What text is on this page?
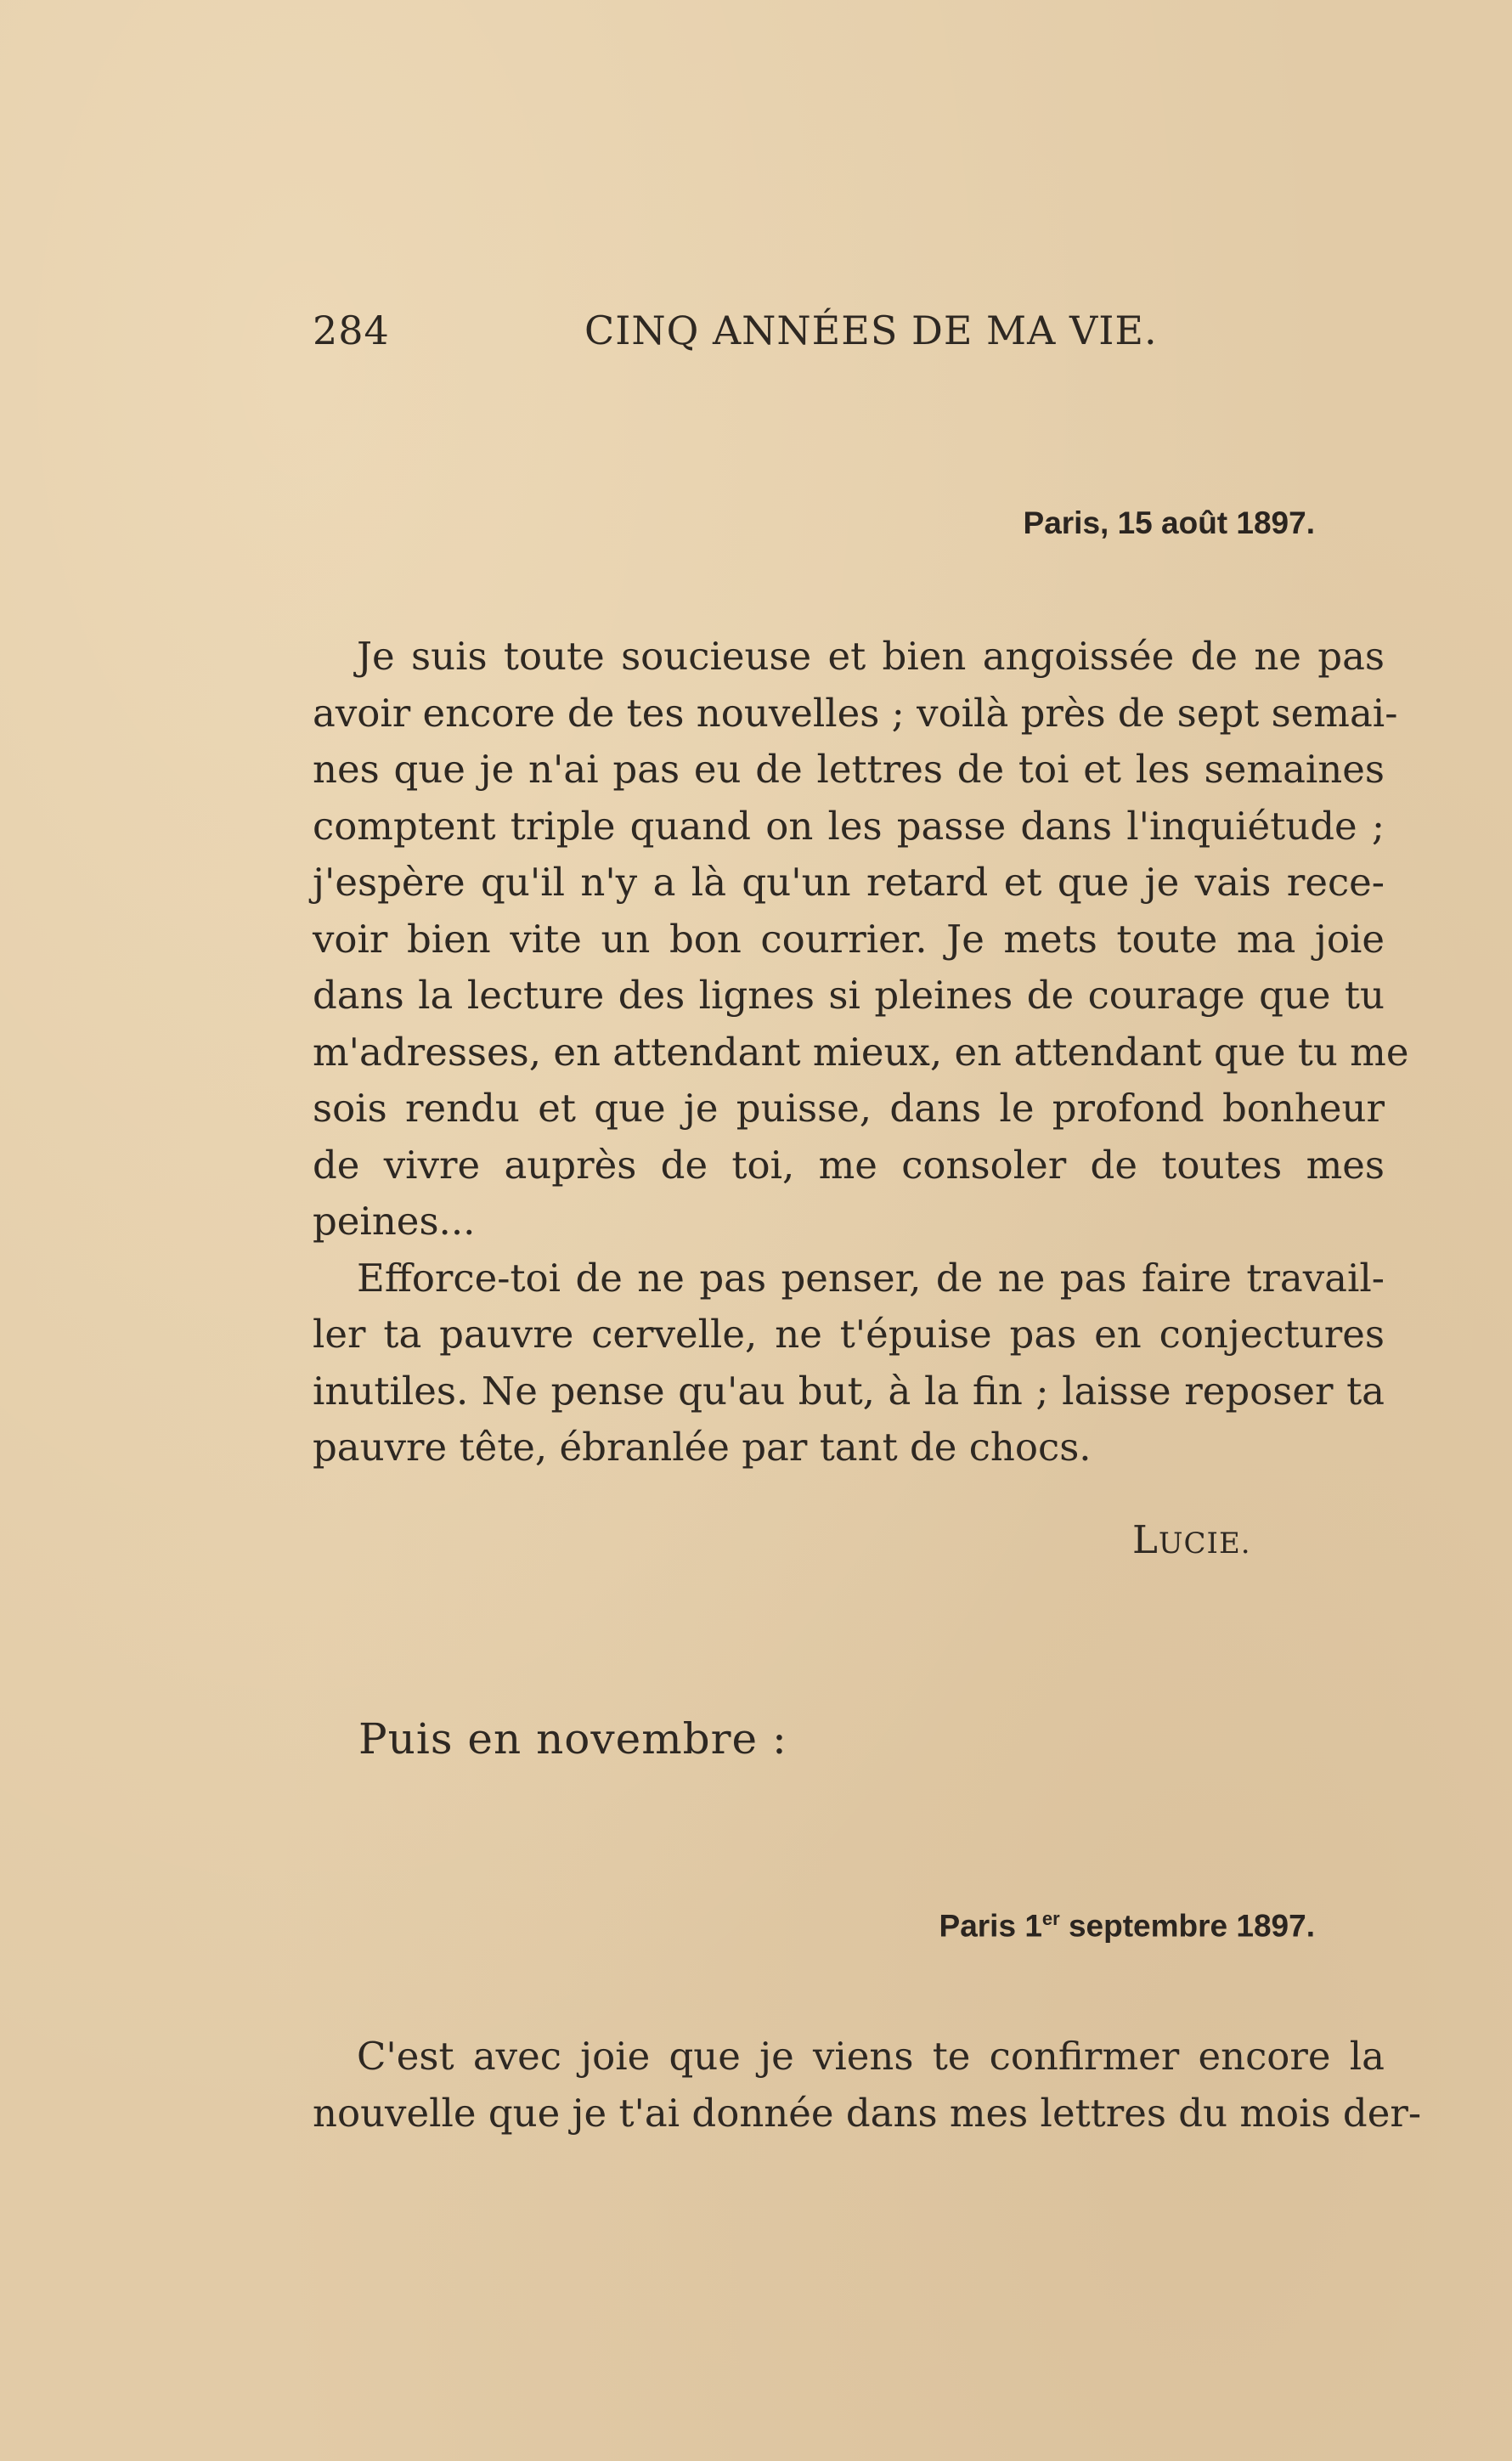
284	CINQ ANNÉES DE MA VIE.
Paris, 15 août 1897.
Je suis toute soucieuse et bien angoissée de ne pas
avoir encore de tes nouvelles ; voilà près de sept semai-
nes que je n'ai pas eu de lettres de toi et les semaines
comptent triple quand on les passe dans l'inquiétude ;
j'espère qu'il n'y a là qu'un retard et que je vais rece-
voir bien vite un bon courrier. Je mets toute ma joie
dans la lecture des lignes si pleines de courage que tu
m'adresses, en attendant mieux, en attendant que tu me
sois rendu et que je puisse, dans le profond bonheur
de vivre auprès de toi, me consoler de toutes mes
peines...
Efforce-toi de ne pas penser, de ne pas faire travail-
ler ta pauvre cervelle, ne t'épuise pas en conjectures
inutiles. Ne pense qu'au but, à la fin ; laisse reposer ta
pauvre tête, ébranlée par tant de chocs.
LUCIE.
Puis en novembre :
Paris 1er septembre 1897.
C'est avec joie que je viens te confirmer encore la
nouvelle que je t'ai donnée dans mes lettres du mois der-
